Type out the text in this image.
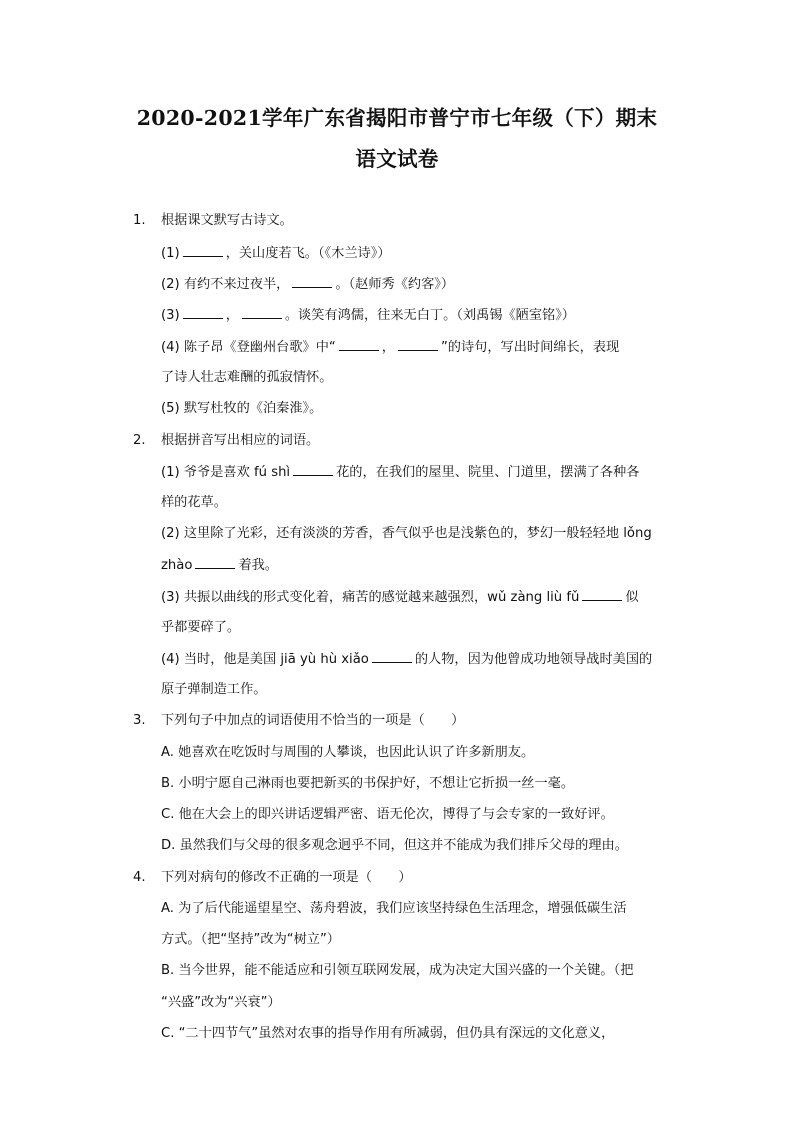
2020-2021学年广东省揭阳市普宁市七年级（下）期末
语文试卷
1. 根据课文默写古诗文。
(1)	，关山度若飞。（《木兰诗》）
(2) 有约不来过夜半，	。（赵师秀《约客》）
(3)	，	。谈笑有鸿儒，往来无白丁。（刘禹锡《陋室铭》）
(4) 陈子昂《登幽州台歌》中“	，	”的诗句，写出时间绵长，表现
了诗人壮志难酬的孤寂情怀。
(5) 默写杜牧的《泊秦淮》。
2. 根据拼音写出相应的词语。
(1) 爷爷是喜欢 fú shì	花的，在我们的屋里、院里、门道里，摆满了各种各
样的花草。
(2) 这里除了光彩，还有淡淡的芳香，香气似乎也是浅紫色的，梦幻一般轻轻地 lǒng
zhào	着我。
(3) 共振以曲线的形式变化着，痛苦的感觉越来越强烈，wǔ zàng liù fǔ	似
乎都要碎了。
(4) 当时，他是美国 jiā yù hù xiǎo	的人物，因为他曾成功地领导战时美国的
原子弹制造工作。
3. 下列句子中加点的词语使用不恰当的一项是（　　）
A. 她喜欢在吃饭时与周围的人攀谈，也因此认识了许多新朋友。
B. 小明宁愿自己淋雨也要把新买的书保护好，不想让它折损一丝一毫。
C. 他在大会上的即兴讲话逻辑严密、语无伦次，博得了与会专家的一致好评。
D. 虽然我们与父母的很多观念迥乎不同，但这并不能成为我们排斥父母的理由。
4. 下列对病句的修改不正确的一项是（　　）
A. 为了后代能遥望星空、荡舟碧波，我们应该坚持绿色生活理念，增强低碳生活
方式。（把“坚持”改为“树立”）
B. 当今世界，能不能适应和引领互联网发展，成为决定大国兴盛的一个关键。（把
“兴盛”改为“兴衰”）
C. “二十四节气”虽然对农事的指导作用有所减弱，但仍具有深远的文化意义，
